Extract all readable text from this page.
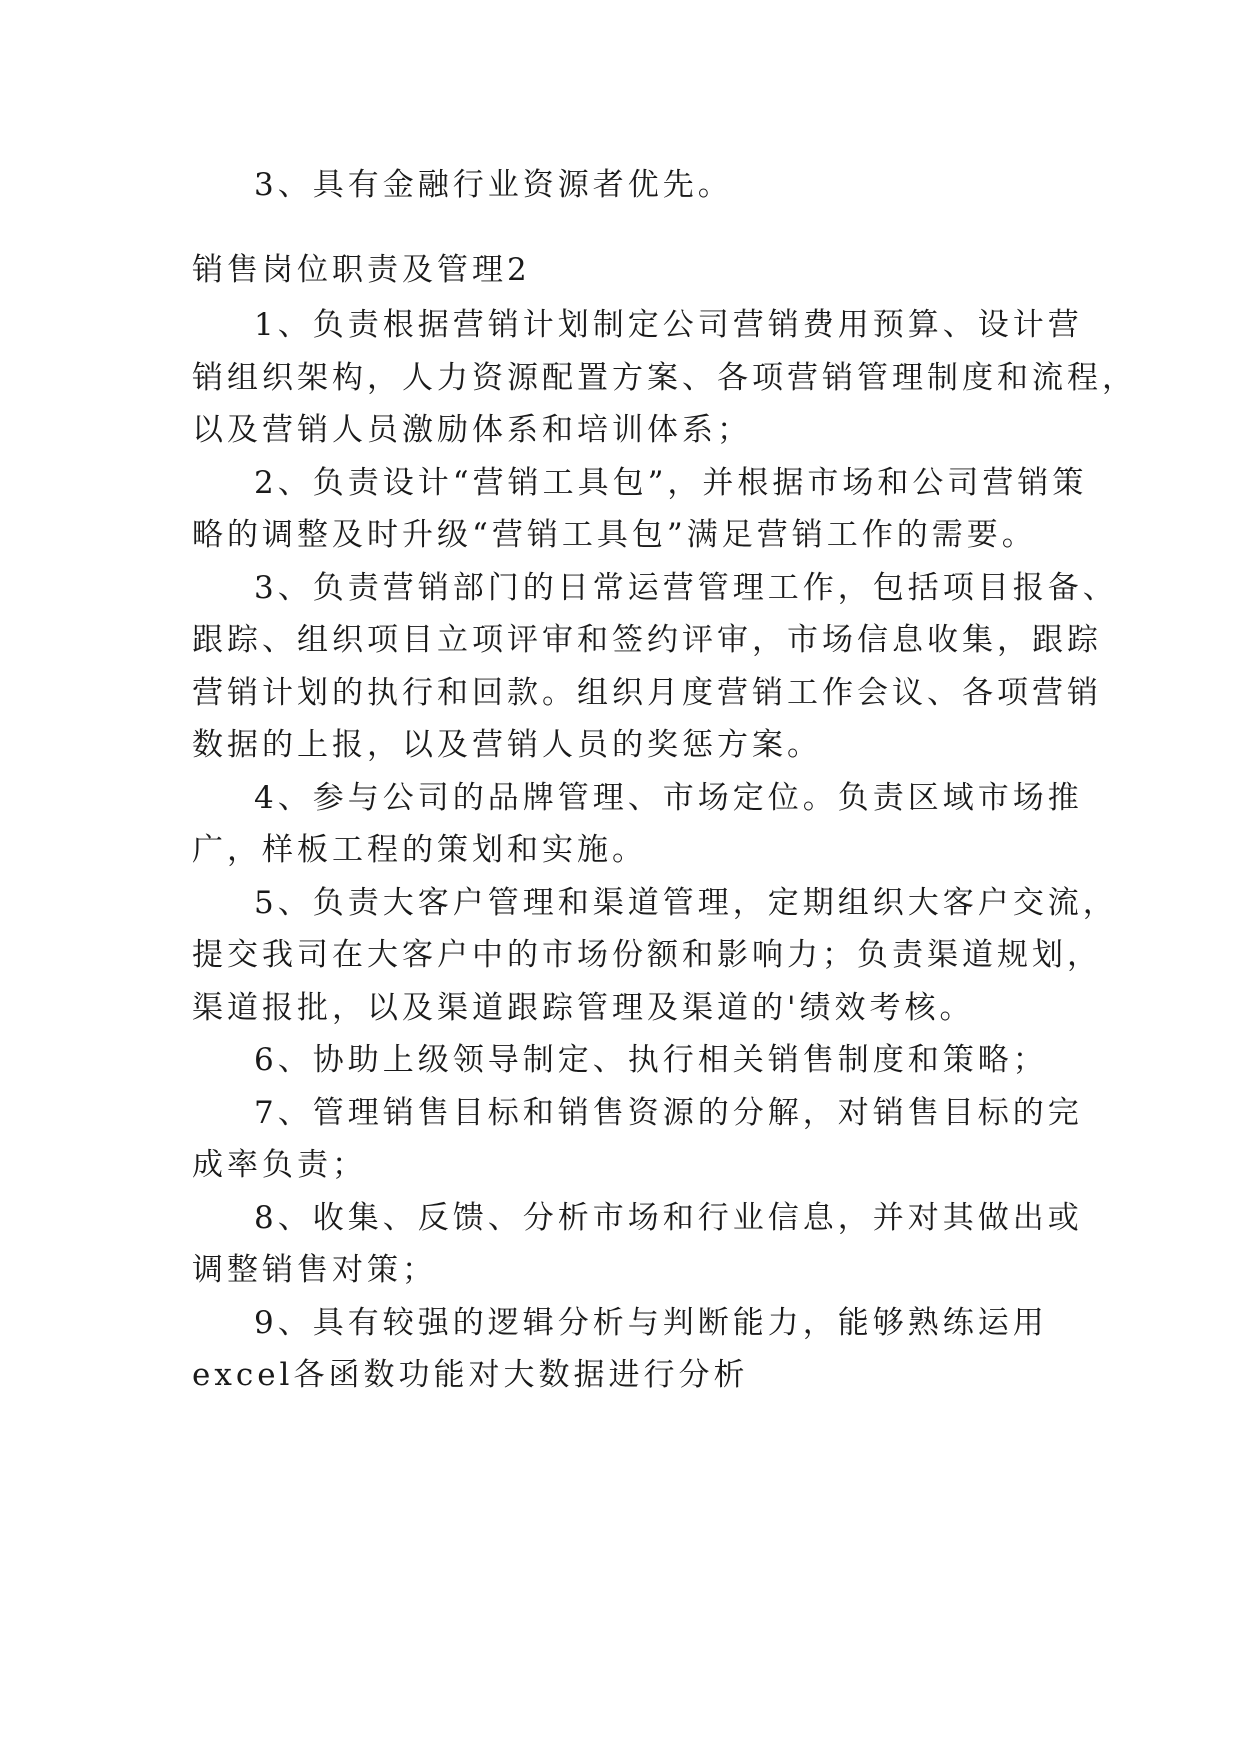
3、具有金融行业资源者优先。
销售岗位职责及管理2
1、负责根据营销计划制定公司营销费用预算、设计营
销组织架构，人力资源配置方案、各项营销管理制度和流程，
以及营销人员激励体系和培训体系；
2、负责设计“营销工具包”，并根据市场和公司营销策
略的调整及时升级“营销工具包”满足营销工作的需要。
3、负责营销部门的日常运营管理工作，包括项目报备、
跟踪、组织项目立项评审和签约评审，市场信息收集，跟踪
营销计划的执行和回款。组织月度营销工作会议、各项营销
数据的上报，以及营销人员的奖惩方案。
4、参与公司的品牌管理、市场定位。负责区域市场推
广，样板工程的策划和实施。
5、负责大客户管理和渠道管理，定期组织大客户交流，
提交我司在大客户中的市场份额和影响力；负责渠道规划，
渠道报批，以及渠道跟踪管理及渠道的'绩效考核。
6、协助上级领导制定、执行相关销售制度和策略；
7、管理销售目标和销售资源的分解，对销售目标的完
成率负责；
8、收集、反馈、分析市场和行业信息，并对其做出或
调整销售对策；
9、具有较强的逻辑分析与判断能力，能够熟练运用
excel各函数功能对大数据进行分析
